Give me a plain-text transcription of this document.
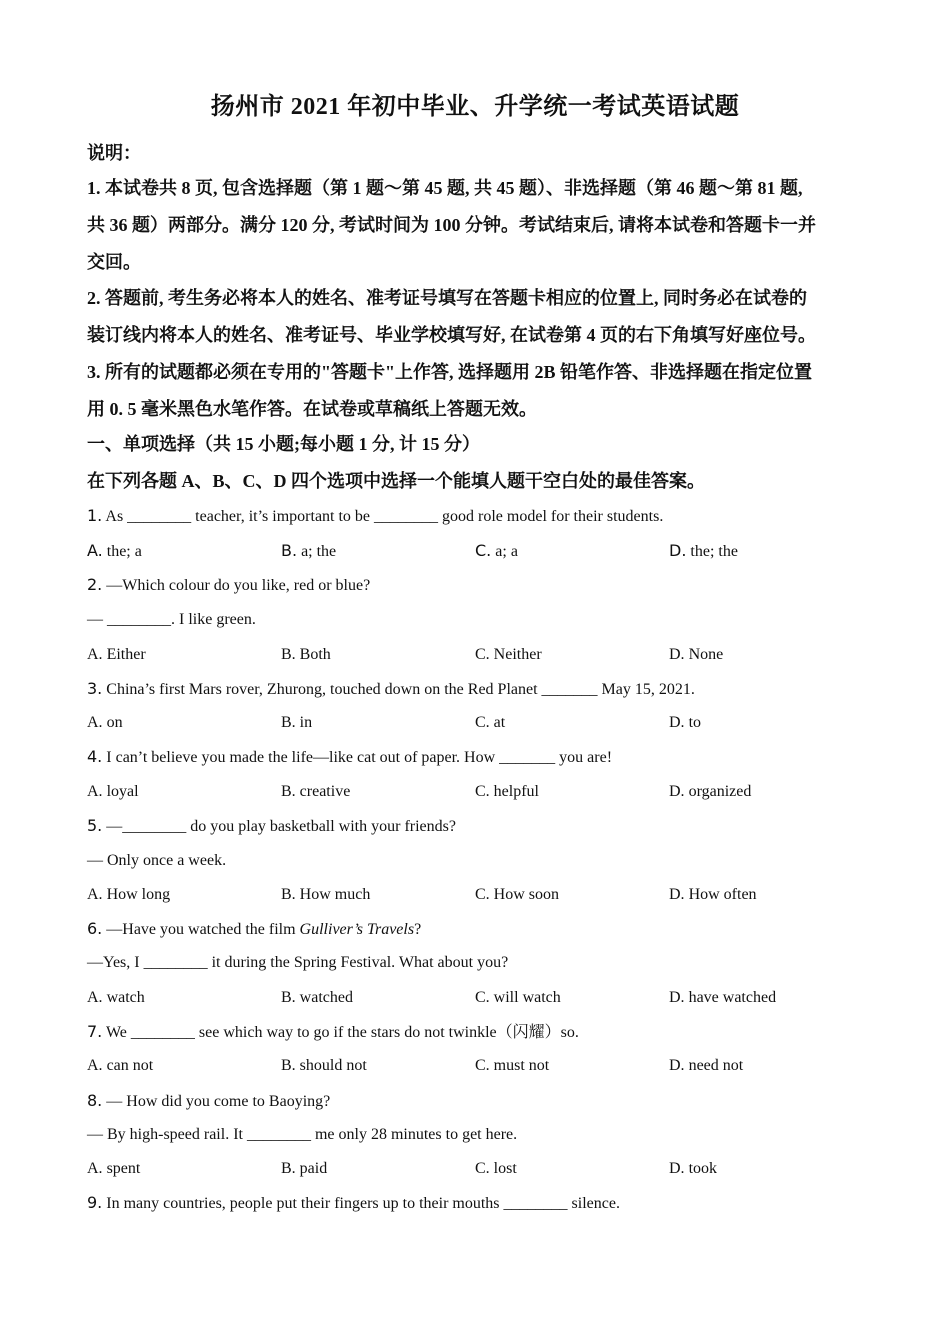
扬州市 2021 年初中毕业、升学统一考试英语试题
说明：
1. 本试卷共 8 页, 包含选择题（第 1 题～第 45 题, 共 45 题）、非选择题（第 46 题～第 81 题,
共 36 题）两部分。满分 120 分, 考试时间为 100 分钟。考试结束后, 请将本试卷和答题卡一并
交回。
2. 答题前, 考生务必将本人的姓名、准考证号填写在答题卡相应的位置上, 同时务必在试卷的
装订线内将本人的姓名、准考证号、毕业学校填写好, 在试卷第 4 页的右下角填写好座位号。
3. 所有的试题都必须在专用的"答题卡"上作答, 选择题用 2B 铅笔作答、非选择题在指定位置
用 0. 5 毫米黑色水笔作答。在试卷或草稿纸上答题无效。
一、单项选择（共 15 小题;每小题 1 分, 计 15 分）
在下列各题 A、B、C、D 四个选项中选择一个能填人题干空白处的最佳答案。
1. As ________ teacher, it’s important to be ________ good role model for their students.
A. the; a	B. a; the	C. a; a	D. the; the
2. —Which colour do you like, red or blue?
— ________. I like green.
A. Either	B. Both	C. Neither	D. None
3. China’s first Mars rover, Zhurong, touched down on the Red Planet _______ May 15, 2021.
A. on	B. in	C. at	D. to
4. I can’t believe you made the life—like cat out of paper. How _______ you are!
A. loyal	B. creative	C. helpful	D. organized
5. —________ do you play basketball with your friends?
— Only once a week.
A. How long	B. How much	C. How soon	D. How often
6. —Have you watched the film Gulliver’s Travels?
—Yes, I ________ it during the Spring Festival. What about you?
A. watch	B. watched	C. will watch	D. have watched
7. We ________ see which way to go if the stars do not twinkle（闪耀）so.
A. can not	B. should not	C. must not	D. need not
8. — How did you come to Baoying?
— By high-speed rail. It ________ me only 28 minutes to get here.
A. spent	B. paid	C. lost	D. took
9. In many countries, people put their fingers up to their mouths ________ silence.
